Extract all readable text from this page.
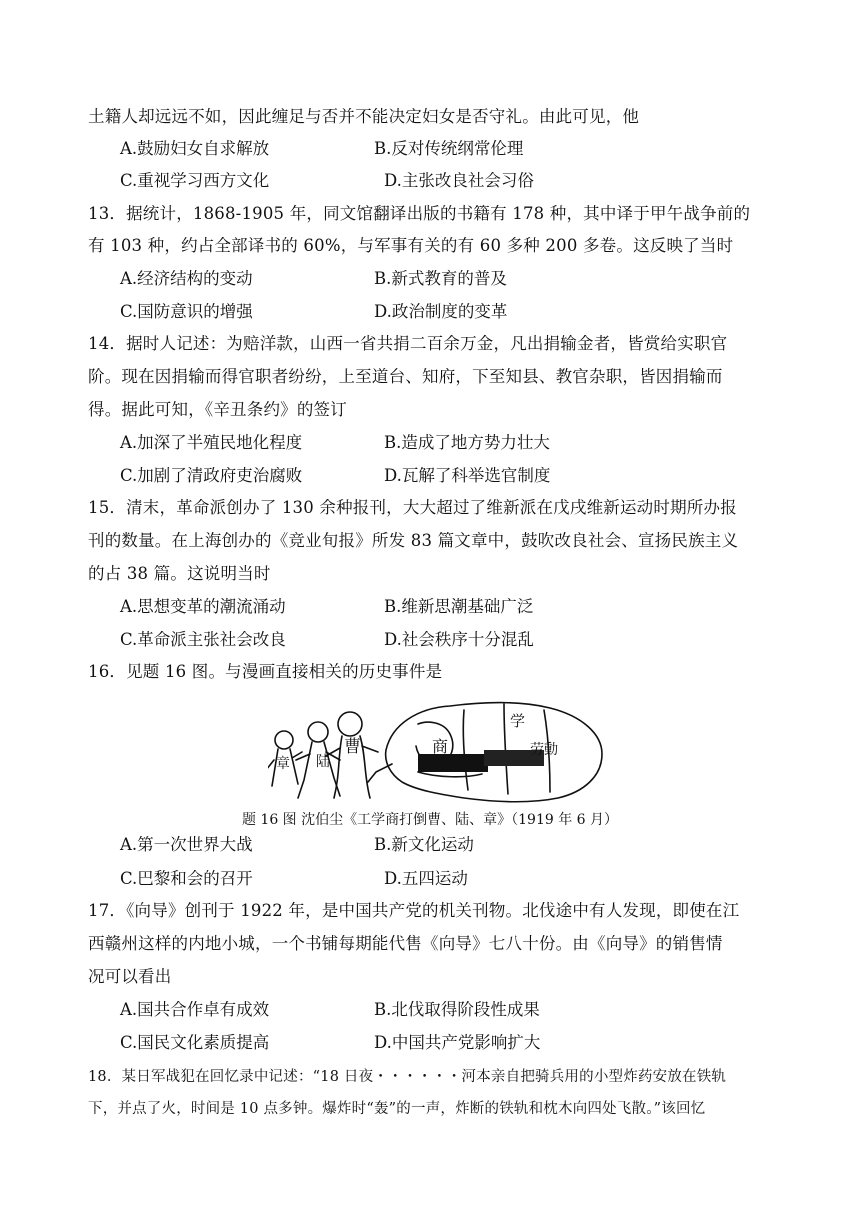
土籍人却远远不如，因此缠足与否并不能决定妇女是否守礼。由此可见，他
A.鼓励妇女自求解放	B.反对传统纲常伦理
C.重视学习西方文化	D.主张改良社会习俗
13．据统计，1868-1905 年，同文馆翻译出版的书籍有 178 种，其中译于甲午战争前的
有 103 种，约占全部译书的 60%，与军事有关的有 60 多种 200 多卷。这反映了当时
A.经济结构的变动	B.新式教育的普及
C.国防意识的增强	D.政治制度的变革
14．据时人记述：为赔洋款，山西一省共捐二百余万金，凡出捐输金者，皆赏给实职官
阶。现在因捐输而得官职者纷纷，上至道台、知府，下至知县、教官杂职，皆因捐输而
得。据此可知，《辛丑条约》的签订
A.加深了半殖民地化程度	B.造成了地方势力壮大
C.加剧了清政府吏治腐败	D.瓦解了科举选官制度
15．清末，革命派创办了 130 余种报刊，大大超过了维新派在戊戌维新运动时期所办报
刊的数量。在上海创办的《竞业旬报》所发 83 篇文章中，鼓吹改良社会、宣扬民族主义
的占 38 篇。这说明当时
A.思想变革的潮流涌动	B.维新思潮基础广泛
C.革命派主张社会改良	D.社会秩序十分混乱
16．见题 16 图。与漫画直接相关的历史事件是
章 陆
曹	商
学
劳動
题 16 图 沈伯尘《工学商打倒曹、陆、章》（1919 年 6 月）
A.第一次世界大战	B.新文化运动
C.巴黎和会的召开	D.五四运动
17．《向导》创刊于 1922 年，是中国共产党的机关刊物。北伐途中有人发现，即使在江
西赣州这样的内地小城，一个书铺每期能代售《向导》七八十份。由《向导》的销售情
况可以看出
A.国共合作卓有成效	B.北伐取得阶段性成果
C.国民文化素质提高	D.中国共产党影响扩大
18．某日军战犯在回忆录中记述：“18 日夜・・・・・・河本亲自把骑兵用的小型炸药安放在铁轨
下，并点了火，时间是 10 点多钟。爆炸时“轰”的一声，炸断的铁轨和枕木向四处飞散。”该回忆
